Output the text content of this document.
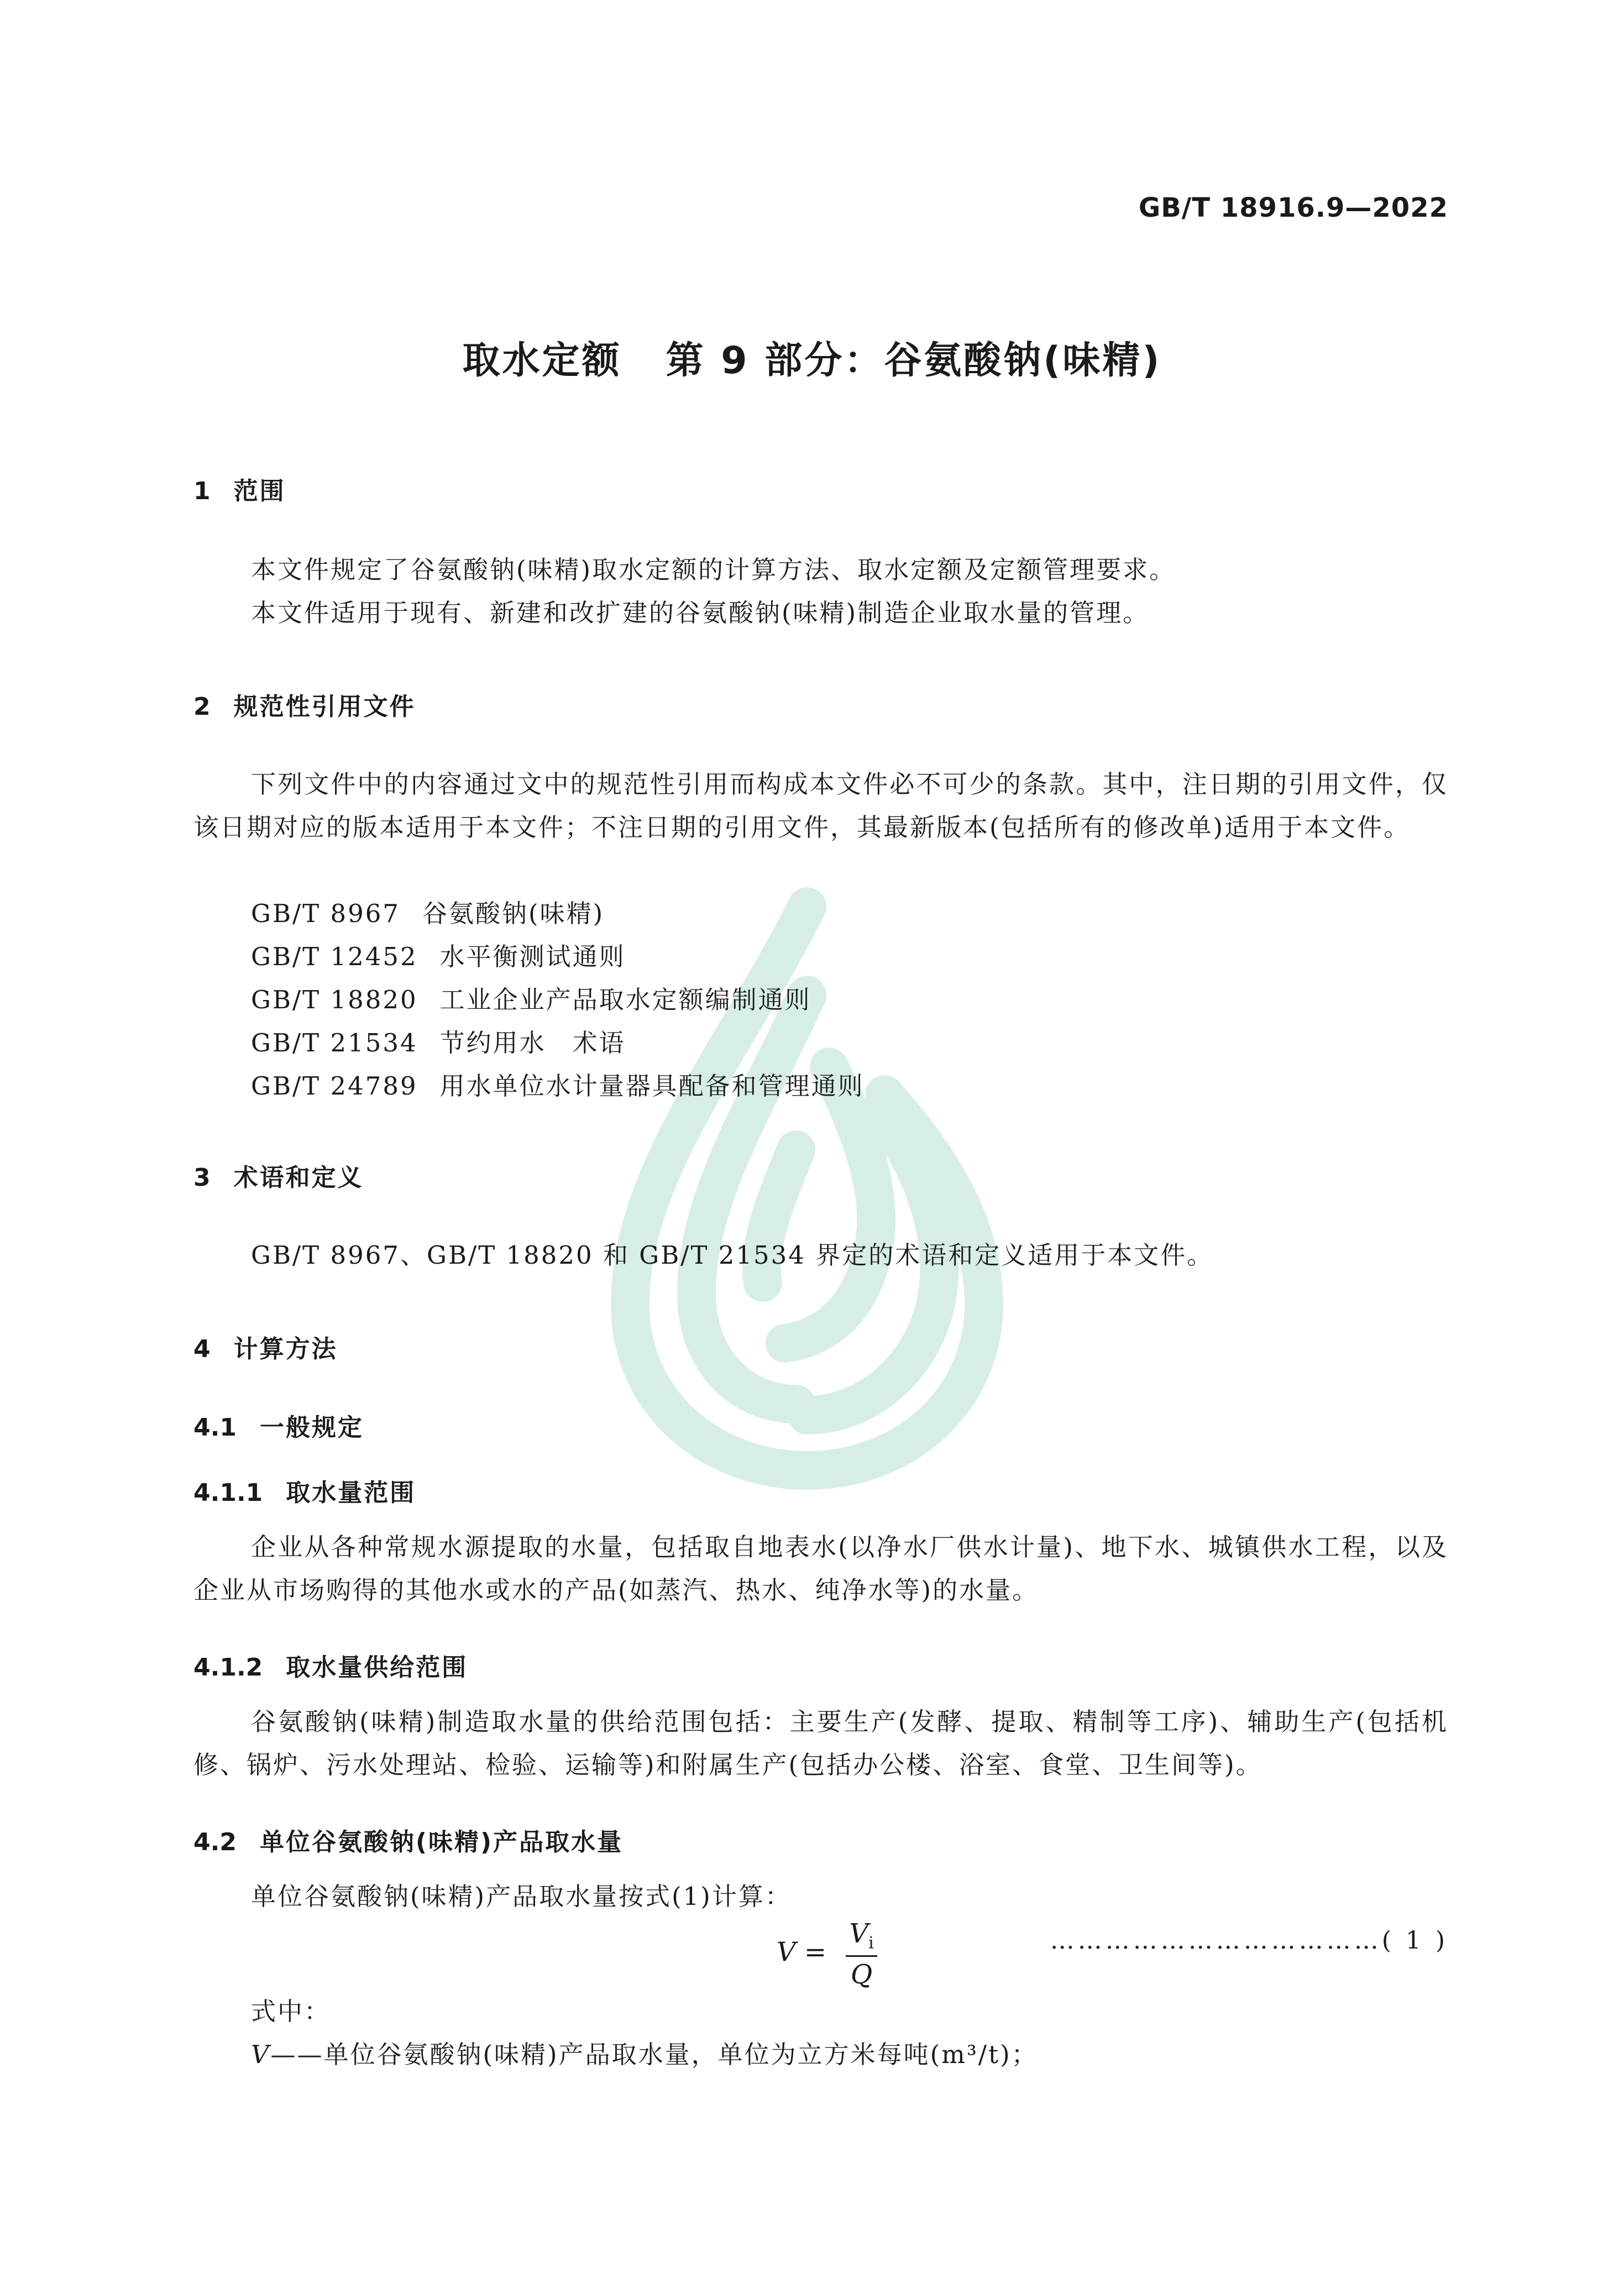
GB/T 18916.9—2022
取水定额 第 9 部分：谷氨酸钠(味精)
1 范围
本文件规定了谷氨酸钠(味精)取水定额的计算方法、取水定额及定额管理要求。
本文件适用于现有、新建和改扩建的谷氨酸钠(味精)制造企业取水量的管理。
2 规范性引用文件
下列文件中的内容通过文中的规范性引用而构成本文件必不可少的条款。其中，注日期的引用文件，仅该日期对应的版本适用于本文件；不注日期的引用文件，其最新版本(包括所有的修改单)适用于本文件。
GB/T 8967 谷氨酸钠(味精)
GB/T 12452 水平衡测试通则
GB/T 18820 工业企业产品取水定额编制通则
GB/T 21534 节约用水　术语
GB/T 24789 用水单位水计量器具配备和管理通则
3 术语和定义
GB/T 8967、GB/T 18820 和 GB/T 21534 界定的术语和定义适用于本文件。
4 计算方法
4.1 一般规定
4.1.1 取水量范围
企业从各种常规水源提取的水量，包括取自地表水(以净水厂供水计量)、地下水、城镇供水工程，以及企业从市场购得的其他水或水的产品(如蒸汽、热水、纯净水等)的水量。
4.1.2 取水量供给范围
谷氨酸钠(味精)制造取水量的供给范围包括：主要生产(发酵、提取、精制等工序)、辅助生产(包括机修、锅炉、污水处理站、检验、运输等)和附属生产(包括办公楼、浴室、食堂、卫生间等)。
4.2 单位谷氨酸钠(味精)产品取水量
单位谷氨酸钠(味精)产品取水量按式(1)计算：
$V = \frac{V_i}{Q}$	………………………………( 1 )
式中：
V——单位谷氨酸钠(味精)产品取水量，单位为立方米每吨(m³/t)；
